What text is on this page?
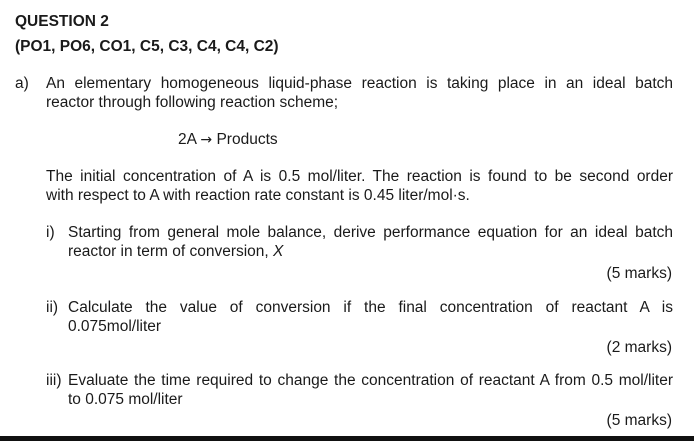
QUESTION 2
(PO1, PO6, CO1, C5, C3, C4, C4, C2)
a) An elementary homogeneous liquid-phase reaction is taking place in an ideal batch
reactor through following reaction scheme;
2A → Products
The initial concentration of A is 0.5 mol/liter. The reaction is found to be second order
with respect to A with reaction rate constant is 0.45 liter/mol·s.
i) Starting from general mole balance, derive performance equation for an ideal batch
reactor in term of conversion, X
(5 marks)
ii) Calculate the value of conversion if the final concentration of reactant A is
0.075mol/liter
(2 marks)
iii) Evaluate the time required to change the concentration of reactant A from 0.5 mol/liter
to 0.075 mol/liter
(5 marks)
